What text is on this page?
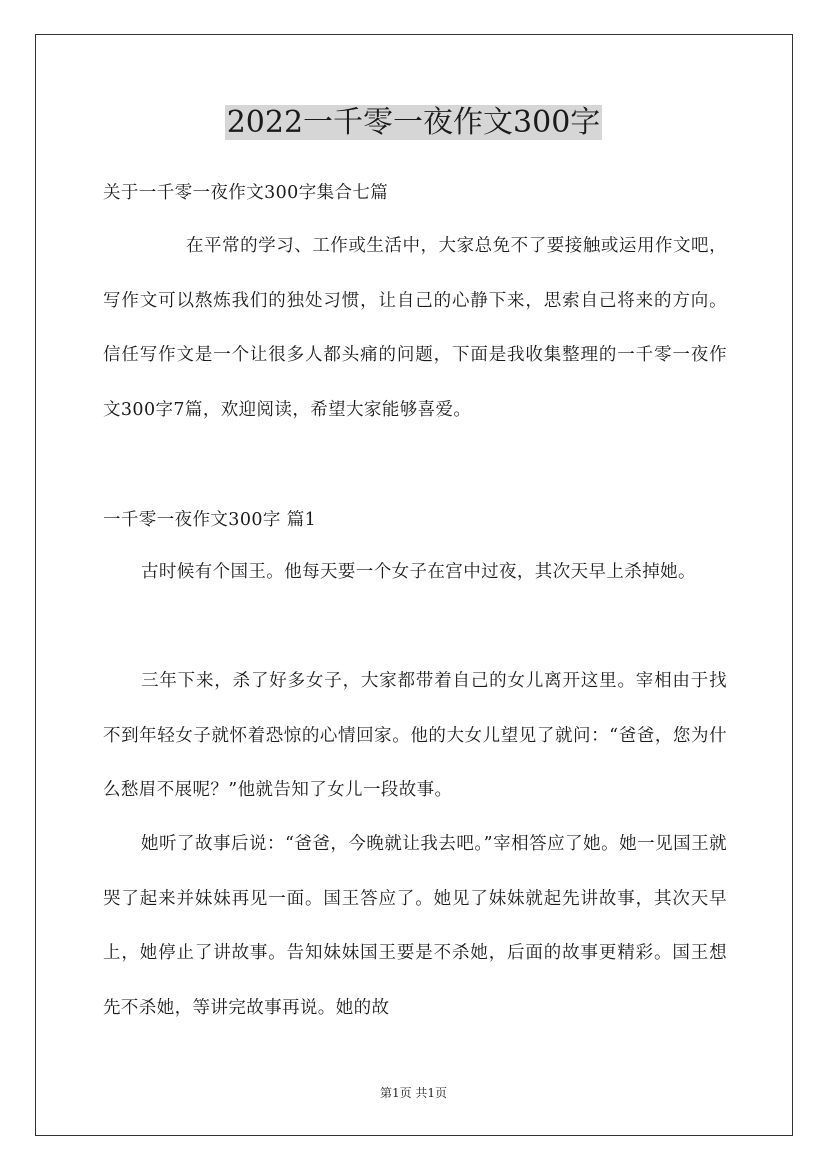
2022一千零一夜作文300字

关于一千零一夜作文300字集合七篇

在平常的学习、工作或生活中，大家总免不了要接触或运用作文吧，写作文可以熬炼我们的独处习惯，让自己的心静下来，思索自己将来的方向。信任写作文是一个让很多人都头痛的问题，下面是我收集整理的一千零一夜作文300字7篇，欢迎阅读，希望大家能够喜爱。

一千零一夜作文300字 篇1

古时候有个国王。他每天要一个女子在宫中过夜，其次天早上杀掉她。

三年下来，杀了好多女子，大家都带着自己的女儿离开这里。宰相由于找不到年轻女子就怀着恐惊的心情回家。他的大女儿望见了就问：“爸爸，您为什么愁眉不展呢？”他就告知了女儿一段故事。

她听了故事后说：“爸爸，今晚就让我去吧。”宰相答应了她。她一见国王就哭了起来并妹妹再见一面。国王答应了。她见了妹妹就起先讲故事，其次天早上，她停止了讲故事。告知妹妹国王要是不杀她，后面的故事更精彩。国王想先不杀她，等讲完故事再说。她的故

第1页 共1页
